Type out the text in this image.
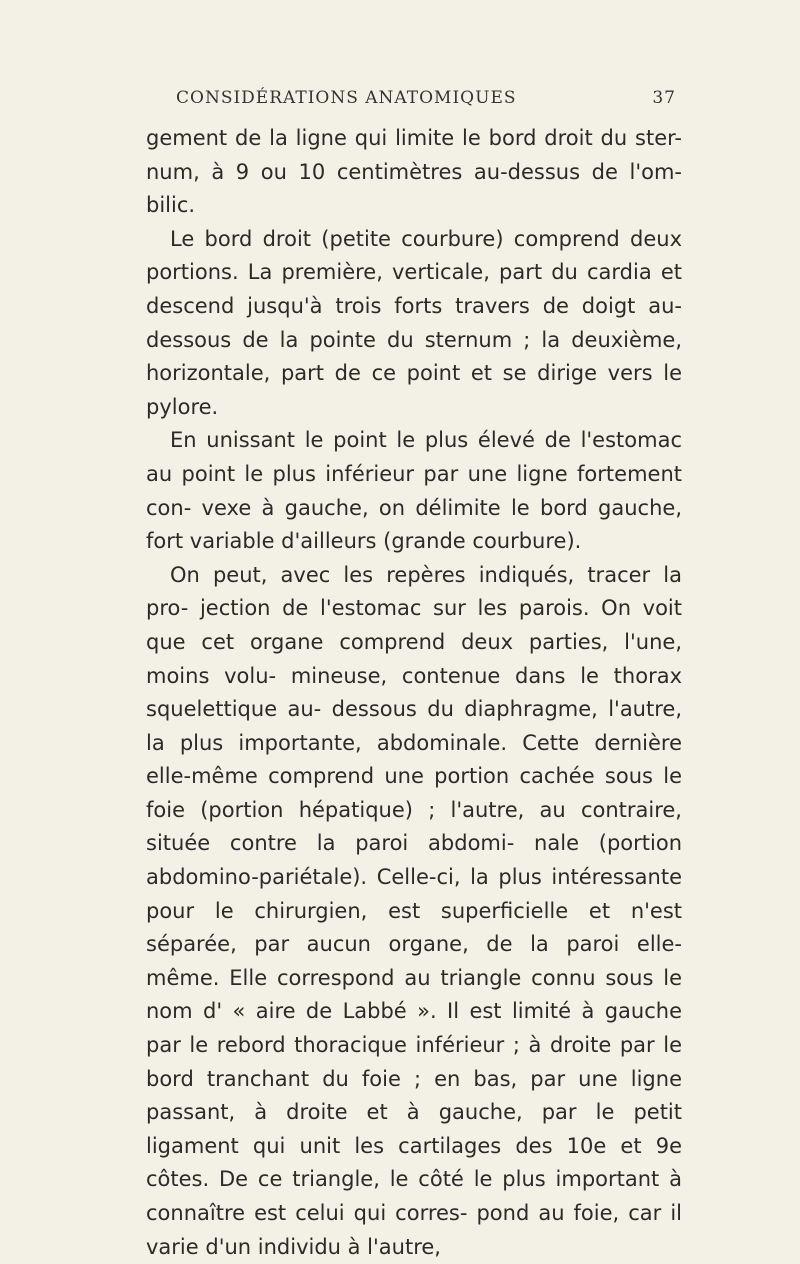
CONSIDÉRATIONS ANATOMIQUES	37

gement de la ligne qui limite le bord droit du ster- num, à 9 ou 10 centimètres au-dessus de l'om- bilic.

Le bord droit (petite courbure) comprend deux portions. La première, verticale, part du cardia et descend jusqu'à trois forts travers de doigt au- dessous de la pointe du sternum ; la deuxième, horizontale, part de ce point et se dirige vers le pylore.

En unissant le point le plus élevé de l'estomac au point le plus inférieur par une ligne fortement con- vexe à gauche, on délimite le bord gauche, fort variable d'ailleurs (grande courbure).

On peut, avec les repères indiqués, tracer la pro- jection de l'estomac sur les parois. On voit que cet organe comprend deux parties, l'une, moins volu- mineuse, contenue dans le thorax squelettique au- dessous du diaphragme, l'autre, la plus importante, abdominale. Cette dernière elle-même comprend une portion cachée sous le foie (portion hépatique) ; l'autre, au contraire, située contre la paroi abdomi- nale (portion abdomino-pariétale). Celle-ci, la plus intéressante pour le chirurgien, est superficielle et n'est séparée, par aucun organe, de la paroi elle- même. Elle correspond au triangle connu sous le nom d' « aire de Labbé ». Il est limité à gauche par le rebord thoracique inférieur ; à droite par le bord tranchant du foie ; en bas, par une ligne passant, à droite et à gauche, par le petit ligament qui unit les cartilages des 10e et 9e côtes. De ce triangle, le côté le plus important à connaître est celui qui corres- pond au foie, car il varie d'un individu à l'autre,
